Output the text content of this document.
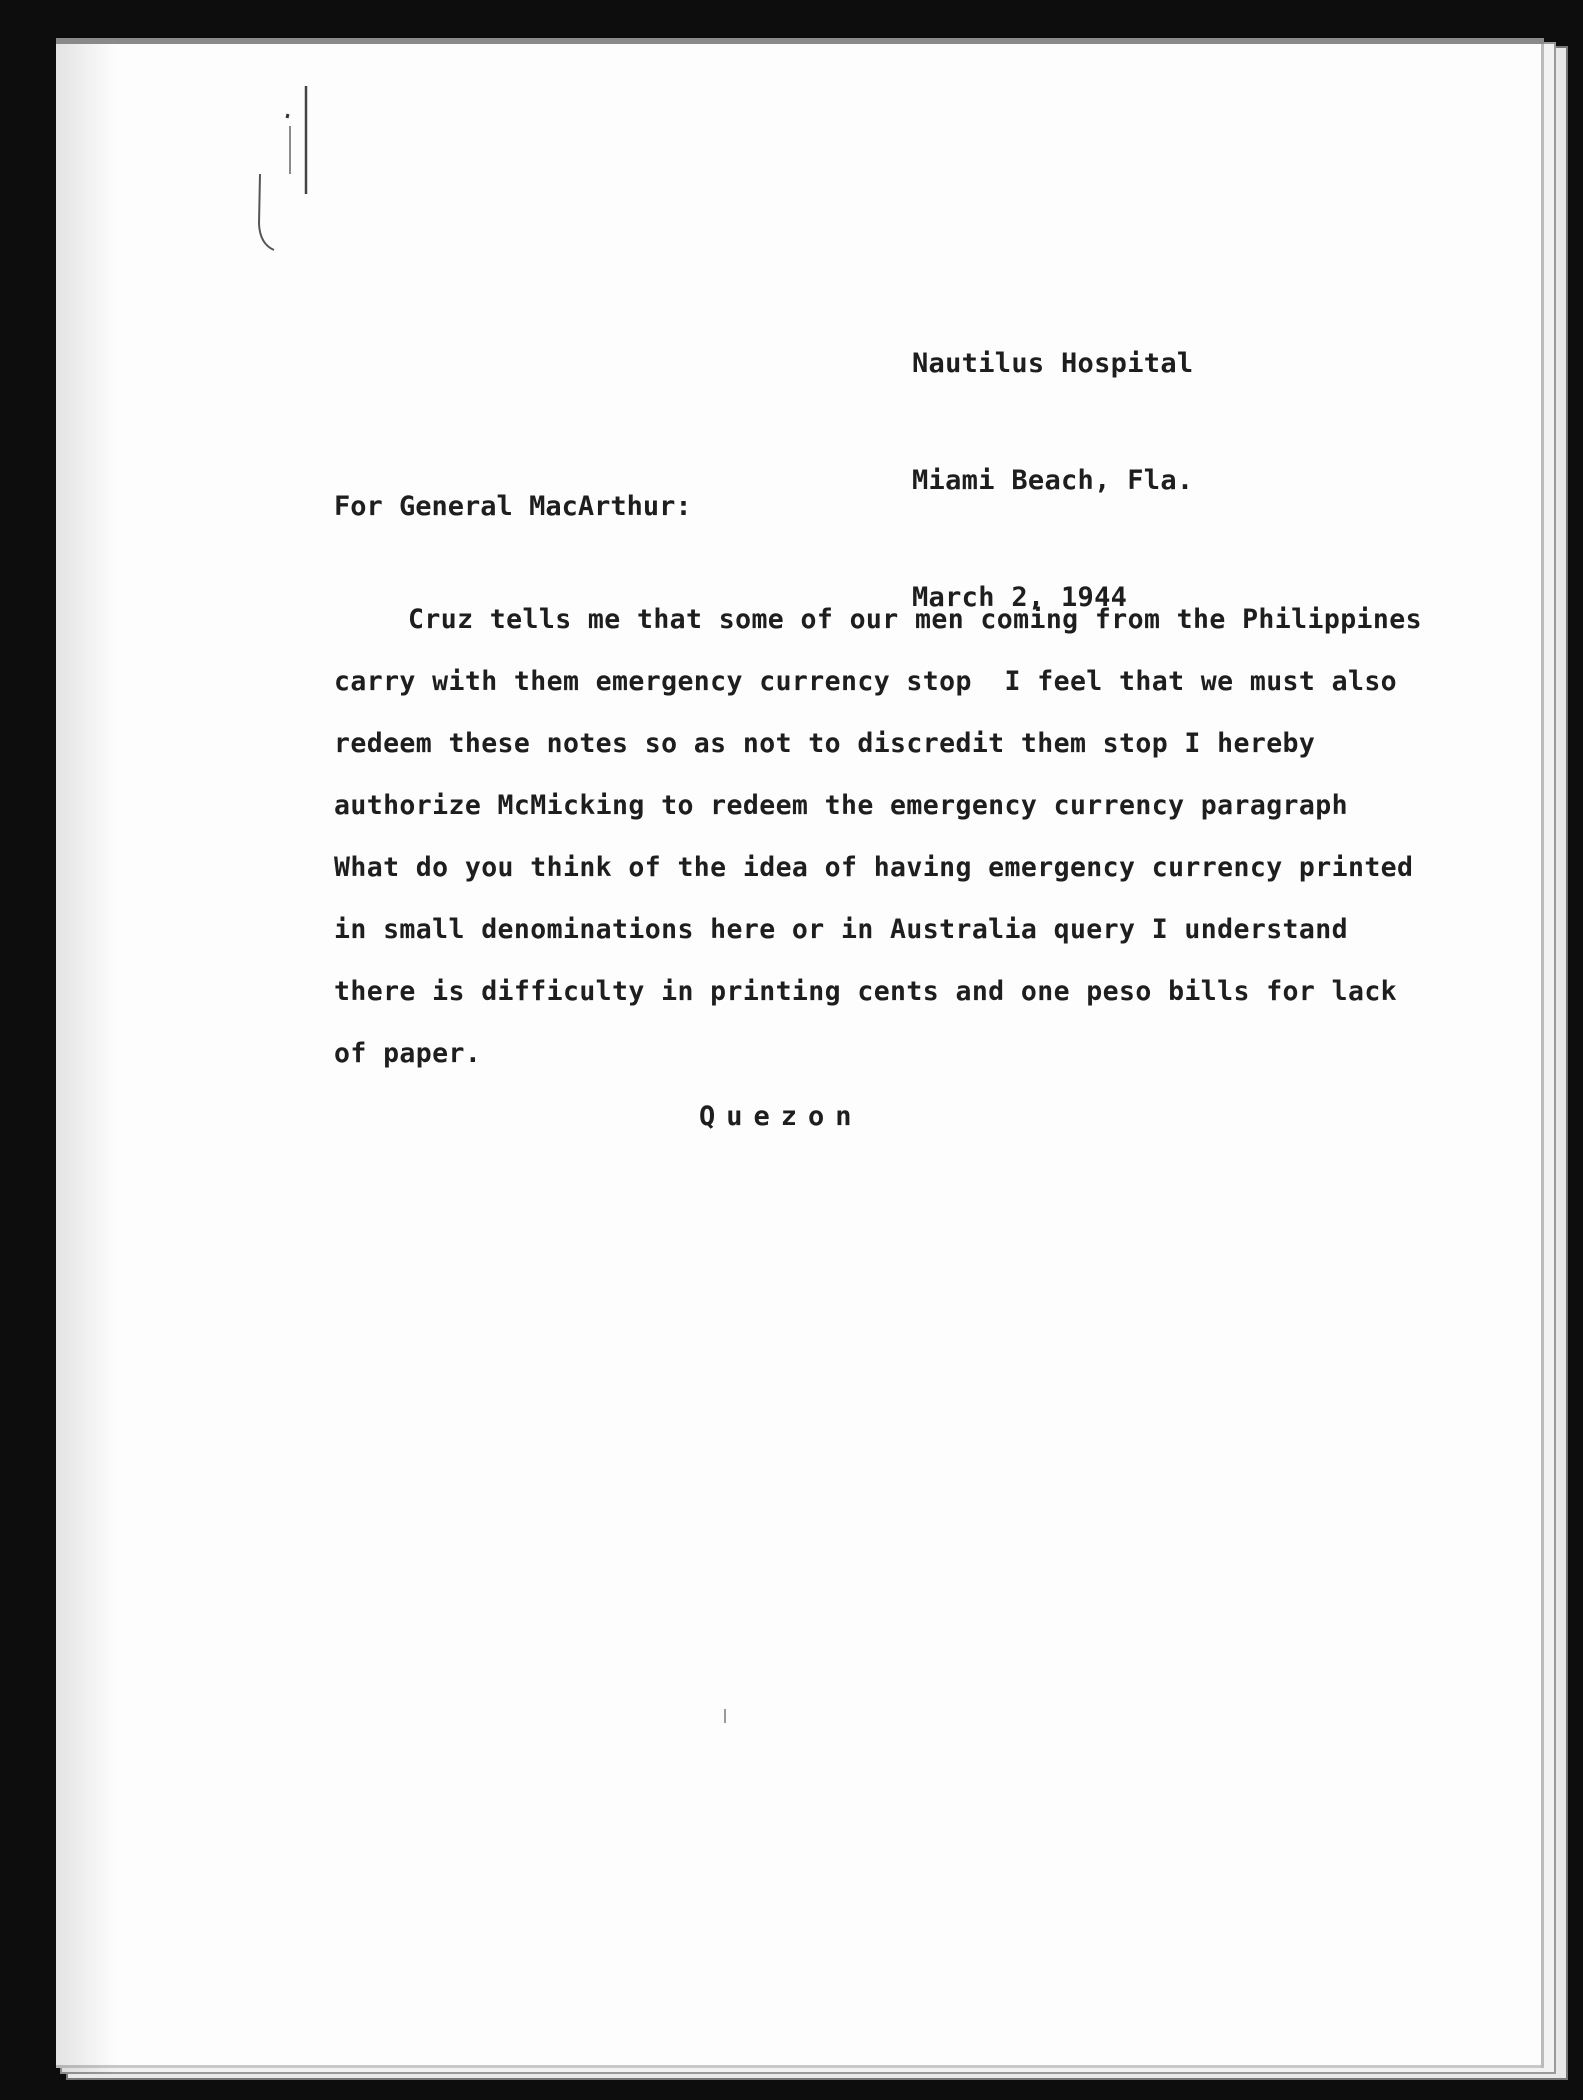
Nautilus Hospital

Miami Beach, Fla.

March 2, 1944

For General MacArthur:
Cruz tells me that some of our men coming from the Philippines
carry with them emergency currency stop  I feel that we must also
redeem these notes so as not to discredit them stop I hereby
authorize McMicking to redeem the emergency currency paragraph
What do you think of the idea of having emergency currency printed
in small denominations here or in Australia query I understand
there is difficulty in printing cents and one peso bills for lack
of paper.
Quezon
